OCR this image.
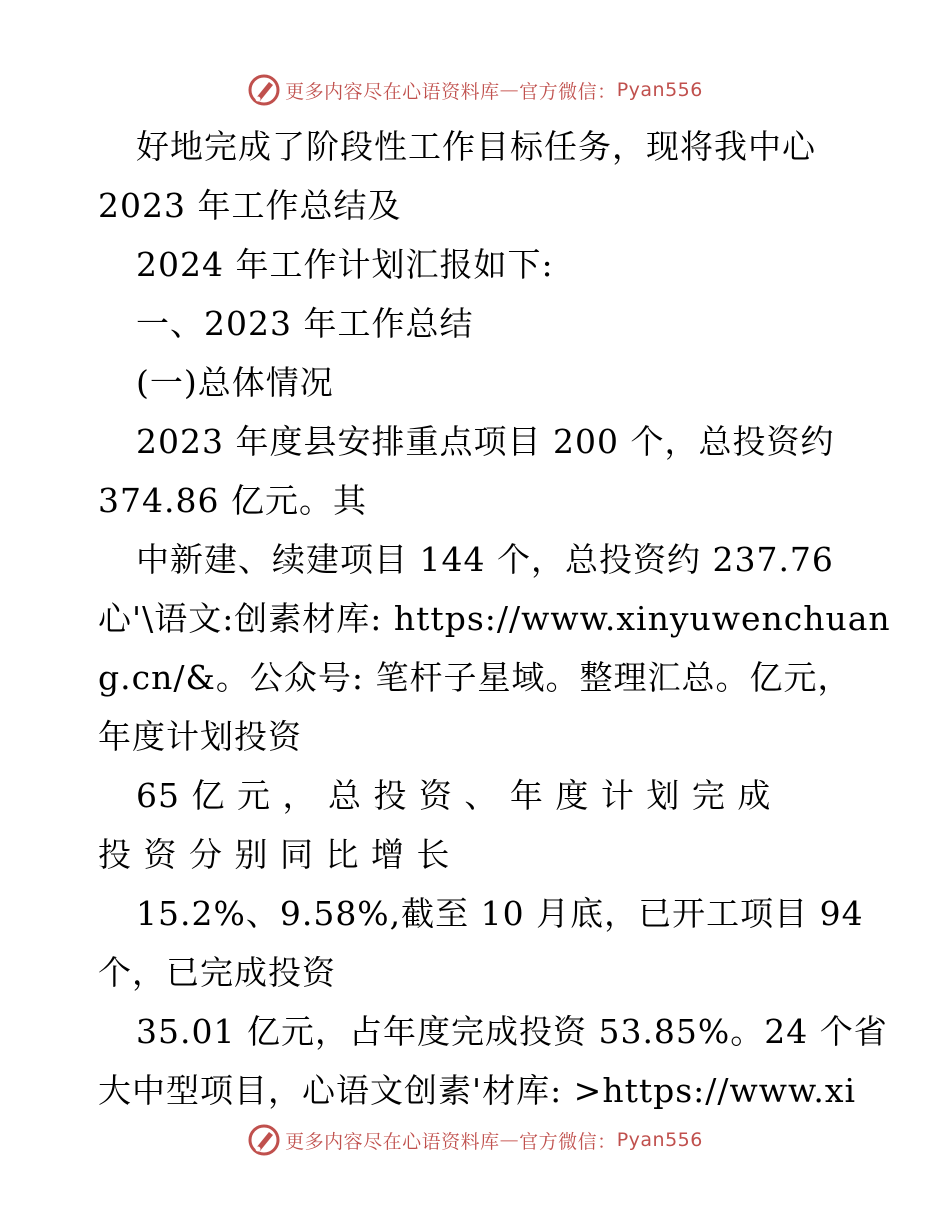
更多内容尽在心语资料库 — 官方微信： Pyan556
好地完成了阶段性工作目标任务，现将我中心
2023 年工作总结及
2024 年工作计划汇报如下:
一、2023 年工作总结
(一)总体情况
2023 年度县安排重点项目 200 个，总投资约
374.86 亿元。其
中新建、续建项目 144 个，总投资约 237.76
心'\语文:创素材库: https://www.xinyuwenchuan
g.cn/&。公众号: 笔杆子星域。整理汇总。亿元，
年度计划投资
65 亿 元 ， 总 投 资 、 年 度 计 划 完 成
投 资 分 别 同 比 增 长
15.2%、9.58%,截至 10 月底，已开工项目 94
个，已完成投资
35.01 亿元，占年度完成投资 53.85%。24 个省
大中型项目，心语文创素'材库: >https://www.xi
更多内容尽在心语资料库 — 官方微信： Pyan556
